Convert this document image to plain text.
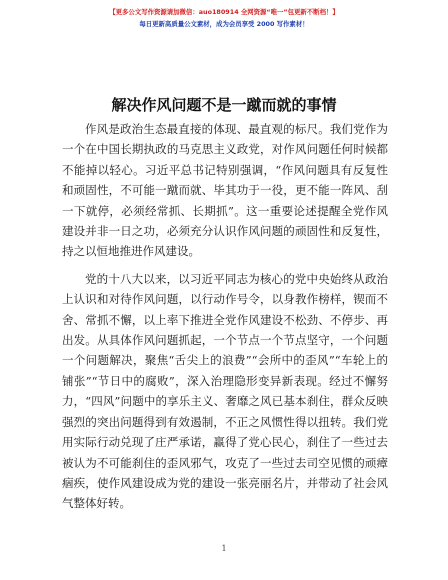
【更多公文写作资源请加微信：auo180914 全网资源“唯一”包更新不断档！】
每日更新高质量公文素材，成为会员享受 2000 写作素材！
解决作风问题不是一蹴而就的事情

作风是政治生态最直接的体现、最直观的标尺。我们党作为一个在中国长期执政的马克思主义政党，对作风问题任何时候都不能掉以轻心。习近平总书记特别强调，“作风问题具有反复性和顽固性，不可能一蹴而就、毕其功于一役，更不能一阵风、刮一下就停，必须经常抓、长期抓”。这一重要论述提醒全党作风建设并非一日之功，必须充分认识作风问题的顽固性和反复性，持之以恒地推进作风建设。

党的十八大以来，以习近平同志为核心的党中央始终从政治上认识和对待作风问题，以行动作号令，以身教作榜样，锲而不舍、常抓不懈，以上率下推进全党作风建设不松劲、不停步、再出发。从具体作风问题抓起，一个节点一个节点坚守，一个问题一个问题解决，聚焦“舌尖上的浪费”“会所中的歪风”“车轮上的铺张”“节日中的腐败”，深入治理隐形变异新表现。经过不懈努力，“四风”问题中的享乐主义、奢靡之风已基本刹住，群众反映强烈的突出问题得到有效遏制，不正之风惯性得以扭转。我们党用实际行动兑现了庄严承诺，赢得了党心民心，刹住了一些过去被认为不可能刹住的歪风邪气，攻克了一些过去司空见惯的顽瘴痼疾，使作风建设成为党的建设一张亮丽名片，并带动了社会风气整体好转。

1
